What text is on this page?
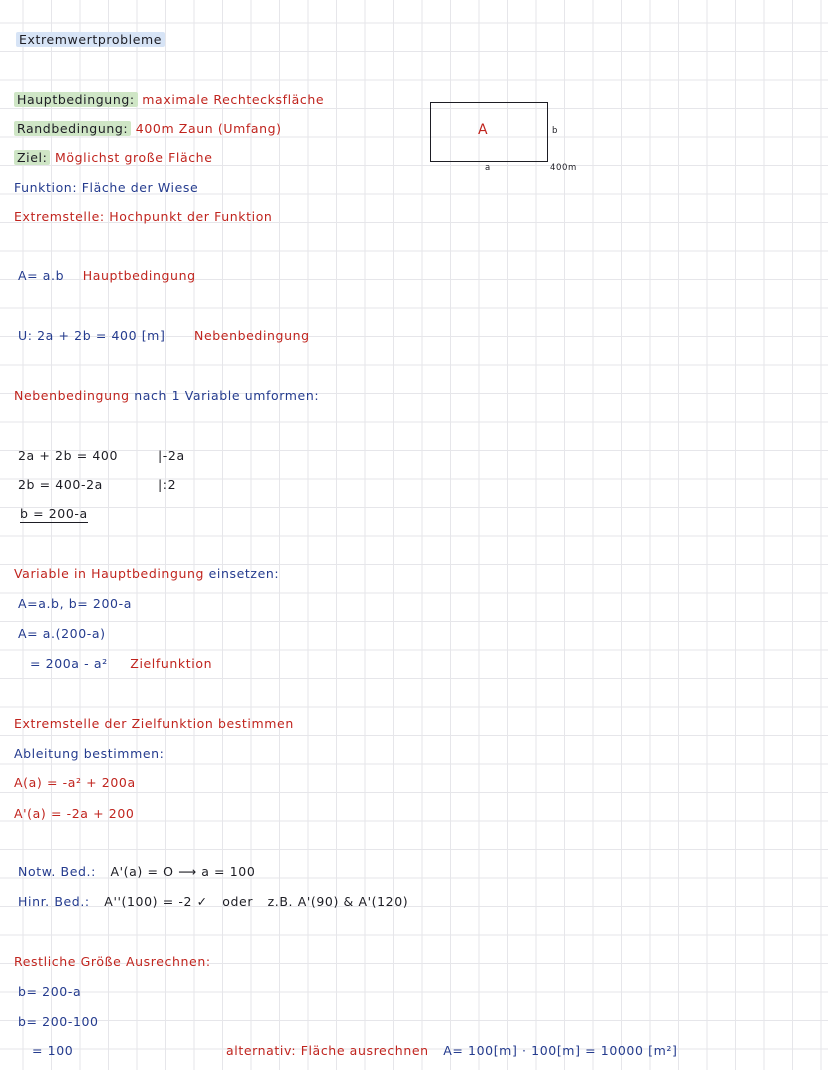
Extremwertprobleme
Hauptbedingung: maximale Rechtecksfläche
Randbedingung: 400m Zaun (Umfang)
Ziel: Möglichst große Fläche
Funktion: Fläche der Wiese
Extremstelle: Hochpunkt der Funktion
A
a
b
400m
A= a.b Hauptbedingung
U: 2a + 2b = 400 [m] Nebenbedingung
Nebenbedingung nach 1 Variable umformen:
2a + 2b = 400	|-2a
2b = 400-2a	|:2
b = 200-a
Variable in Hauptbedingung einsetzen:
A=a.b, b= 200-a
A= a.(200-a)
= 200a - a² Zielfunktion
Extremstelle der Zielfunktion bestimmen
Ableitung bestimmen:
A(a) = -a² + 200a
A'(a) = -2a + 200
Notw. Bed.: A'(a) = O ⟶ a = 100
Hinr. Bed.: A''(100) = -2 ✓ oder z.B. A'(90) & A'(120)
Restliche Größe Ausrechnen:
b= 200-a
b= 200-100
= 100	alternativ: Fläche ausrechnen A= 100[m] · 100[m] = 10000 [m²]
